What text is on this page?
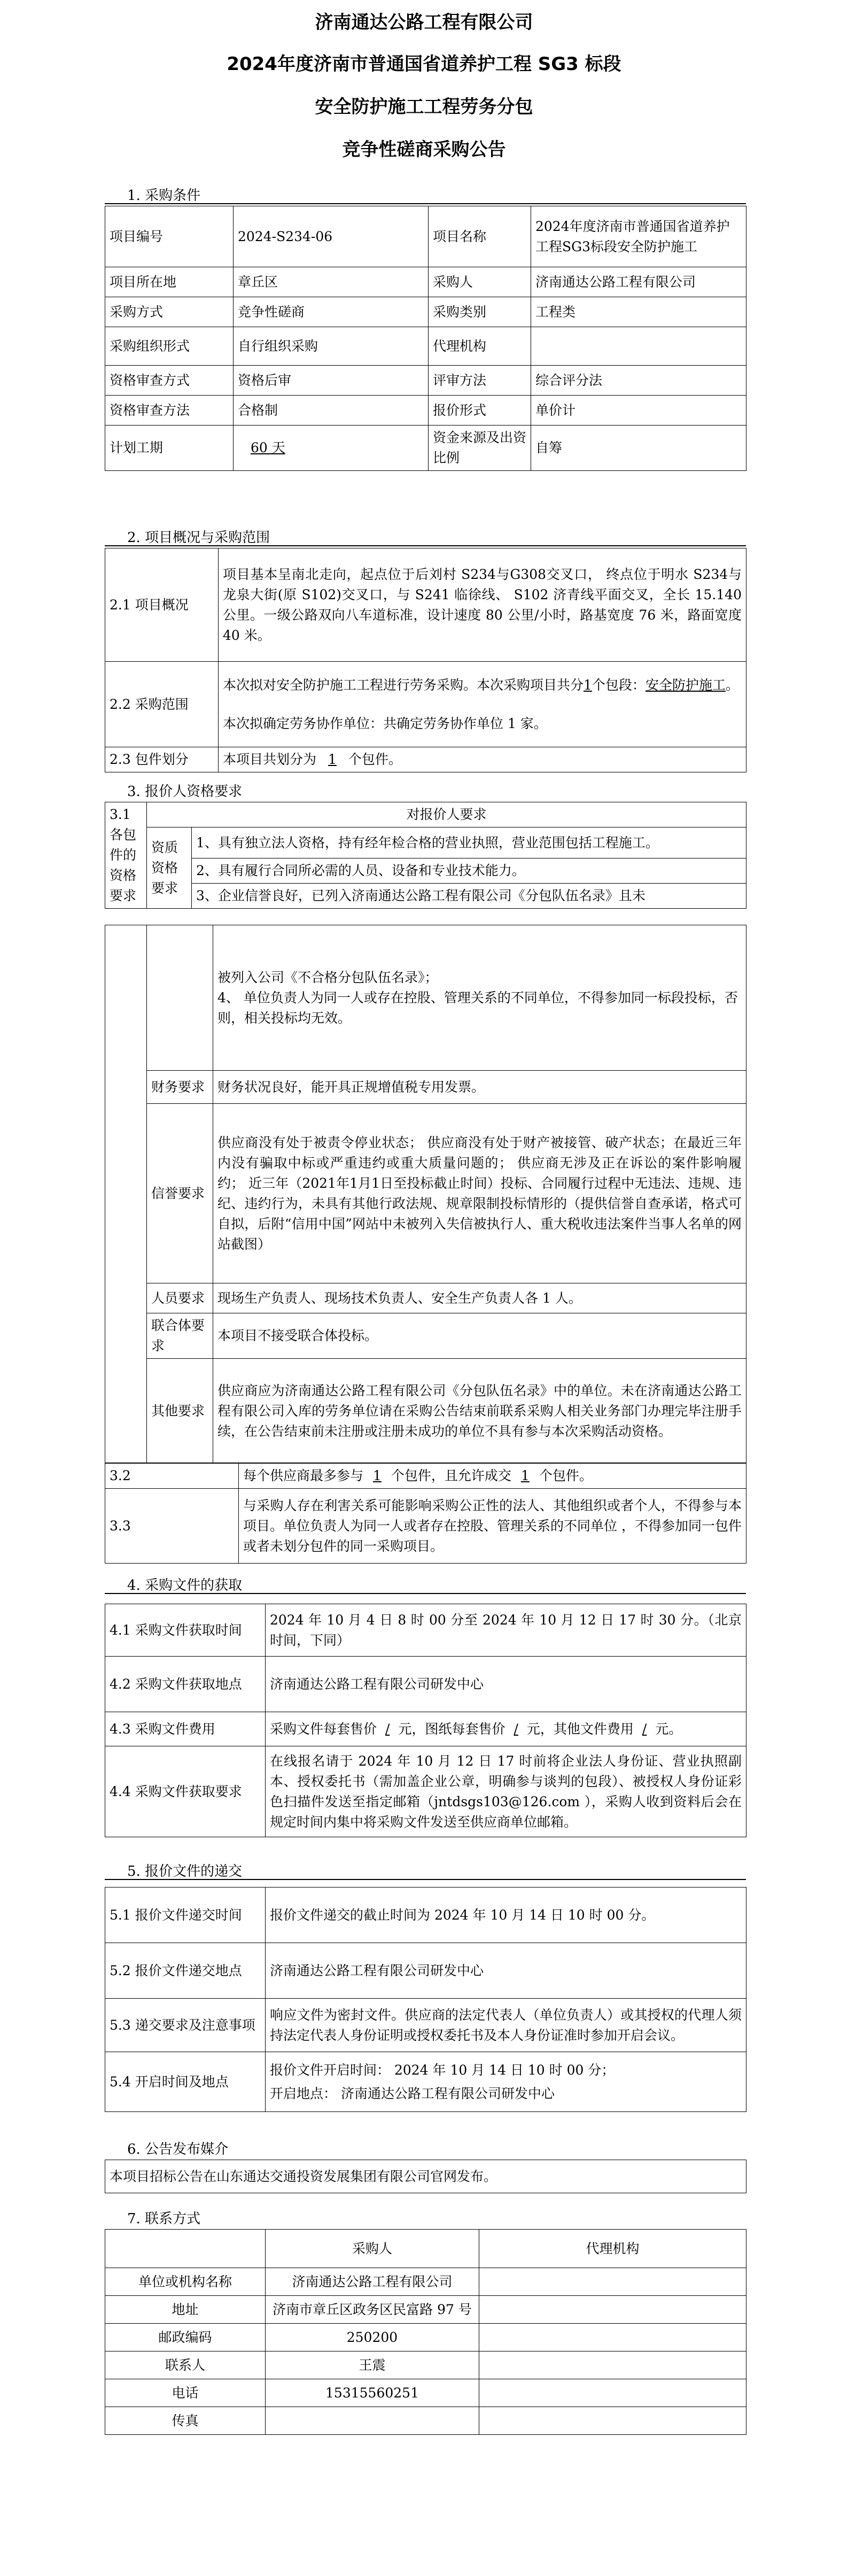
济南通达公路工程有限公司
2024年度济南市普通国省道养护工程 SG3 标段
安全防护施工工程劳务分包
竞争性磋商采购公告
1. 采购条件
项目编号	2024-S234-06	项目名称	2024年度济南市普通国省道养护工程SG3标段安全防护施工
项目所在地	章丘区	采购人	济南通达公路工程有限公司
采购方式	竞争性磋商	采购类别	工程类
采购组织形式	自行组织采购	代理机构	
资格审查方式	资格后审	评审方法	综合评分法
资格审查方法	合格制	报价形式	单价计
计划工期	60 天	资金来源及出资比例	自筹
2. 项目概况与采购范围
2.1 项目概况	项目基本呈南北走向，起点位于后刘村 S234与G308交叉口， 终点位于明水 S234与龙泉大街(原 S102)交叉口，与 S241 临徐线、 S102 济青线平面交叉，全长 15.140 公里。一级公路双向八车道标准，设计速度 80 公里/小时，路基宽度 76 米，路面宽度 40 米。
2.2 采购范围	本次拟对安全防护施工工程进行劳务采购。本次采购项目共分1个包段：安全防护施工。
本次拟确定劳务协作单位：共确定劳务协作单位 1 家。

2.3 包件划分	本项目共划分为 1 个包件。
3. 报价人资格要求
3.1 各包件的资格要求	对报价人要求	
	资质资格要求	1、具有独立法人资格，持有经年检合格的营业执照，营业范围包括工程施工。
		2、具有履行合同所必需的人员、设备和专业技术能力。
		3、企业信誉良好，已列入济南通达公路工程有限公司《分包队伍名录》且未

		被列入公司《不合格分包队伍名录》；
4、 单位负责人为同一人或存在控股、管理关系的不同单位，不得参加同一标段投标，否则，相关投标均无效。

	财务要求	财务状况良好，能开具正规增值税专用发票。
	信誉要求	供应商没有处于被责令停业状态； 供应商没有处于财产被接管、破产状态；在最近三年内没有骗取中标或严重违约或重大质量问题的； 供应商无涉及正在诉讼的案件影响履约； 近三年（2021年1月1日至投标截止时间）投标、合同履行过程中无违法、违规、违纪、违约行为，未具有其他行政法规、规章限制投标情形的（提供信誉自查承诺，格式可自拟，后附“信用中国”网站中未被列入失信被执行人、重大税收违法案件当事人名单的网站截图）
	人员要求	现场生产负责人、现场技术负责人、安全生产负责人各 1 人。
	联合体要求	本项目不接受联合体投标。
	其他要求	供应商应为济南通达公路工程有限公司《分包队伍名录》中的单位。未在济南通达公路工程有限公司入库的劳务单位请在采购公告结束前联系采购人相关业务部门办理完毕注册手续，在公告结束前未注册或注册未成功的单位不具有参与本次采购活动资格。
3.2	每个供应商最多参与 1 个包件，且允许成交 1 个包件。
3.3	与采购人存在利害关系可能影响采购公正性的法人、其他组织或者个人，不得参与本项目。单位负责人为同一人或者存在控股、管理关系的不同单位 ，不得参加同一包件或者未划分包件的同一采购项目。
4. 采购文件的获取
4.1 采购文件获取时间	2024 年 10 月 4 日 8 时 00 分至 2024 年 10 月 12 日 17 时 30 分。（北京时间，下同）
4.2 采购文件获取地点	济南通达公路工程有限公司研发中心
4.3 采购文件费用	采购文件每套售价 / 元，图纸每套售价 / 元，其他文件费用 / 元。
4.4 采购文件获取要求	在线报名请于 2024 年 10 月 12 日 17 时前将企业法人身份证、营业执照副本、授权委托书（需加盖企业公章，明确参与谈判的包段）、被授权人身份证彩色扫描件发送至指定邮箱（jntdsgs103@126.com ），采购人收到资料后会在规定时间内集中将采购文件发送至供应商单位邮箱。
5. 报价文件的递交
5.1 报价文件递交时间	报价文件递交的截止时间为 2024 年 10 月 14 日 10 时 00 分。
5.2 报价文件递交地点	济南通达公路工程有限公司研发中心
5.3 递交要求及注意事项	响应文件为密封文件。供应商的法定代表人（单位负责人）或其授权的代理人须持法定代表人身份证明或授权委托书及本人身份证准时参加开启会议。
5.4 开启时间及地点	报价文件开启时间： 2024 年 10 月 14 日 10 时 00 分；
开启地点： 济南通达公路工程有限公司研发中心
6. 公告发布媒介
本项目招标公告在山东通达交通投资发展集团有限公司官网发布。
7. 联系方式
	采购人	代理机构
单位或机构名称	济南通达公路工程有限公司	
地址	济南市章丘区政务区民富路 97 号	
邮政编码	250200	
联系人	王震	
电话	15315560251	
传真		
